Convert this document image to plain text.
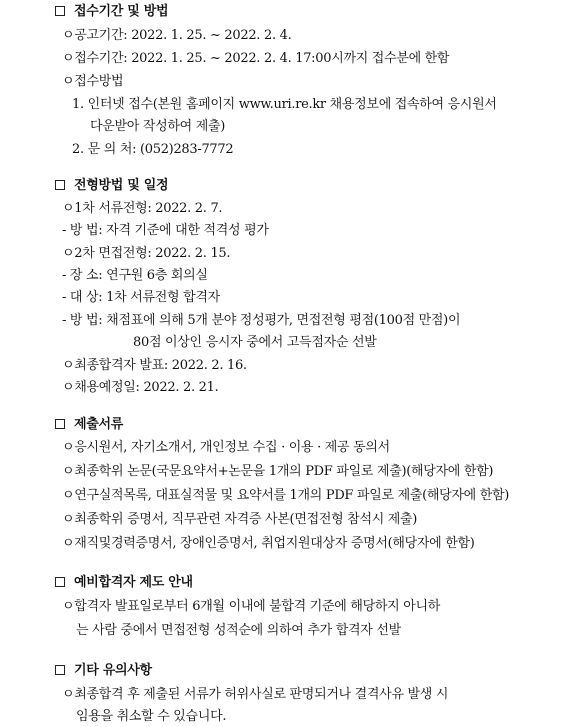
접수기간 및 방법
ㅇ공고기간: 2022. 1. 25. ~ 2022. 2. 4.
ㅇ접수기간: 2022. 1. 25. ~ 2022. 2. 4. 17:00시까지 접수분에 한함
ㅇ접수방법
1. 인터넷 접수(본원 홈페이지 www.uri.re.kr 채용정보에 접속하여 응시원서
다운받아 작성하여 제출)
2. 문 의 처: (052)283-7772
전형방법 및 일정
ㅇ1차 서류전형: 2022. 2. 7.
- 방 법: 자격 기준에 대한 적격성 평가
ㅇ2차 면접전형: 2022. 2. 15.
- 장 소: 연구원 6층 회의실
- 대 상: 1차 서류전형 합격자
- 방 법: 채점표에 의해 5개 분야 정성평가, 면접전형 평점(100점 만점)이
80점 이상인 응시자 중에서 고득점자순 선발
ㅇ최종합격자 발표: 2022. 2. 16.
ㅇ채용예정일: 2022. 2. 21.
제출서류
ㅇ응시원서, 자기소개서, 개인정보 수집 · 이용 · 제공 동의서
ㅇ최종학위 논문(국문요약서+논문을 1개의 PDF 파일로 제출)(해당자에 한함)
ㅇ연구실적목록, 대표실적물 및 요약서를 1개의 PDF 파일로 제출(해당자에 한함)
ㅇ최종학위 증명서, 직무관련 자격증 사본(면접전형 참석시 제출)
ㅇ재직및경력증명서, 장애인증명서, 취업지원대상자 증명서(해당자에 한함)
예비합격자 제도 안내
ㅇ합격자 발표일로부터 6개월 이내에 불합격 기준에 해당하지 아니하
는 사람 중에서 면접전형 성적순에 의하여 추가 합격자 선발
기타 유의사항
ㅇ최종합격 후 제출된 서류가 허위사실로 판명되거나 결격사유 발생 시
임용을 취소할 수 있습니다.
